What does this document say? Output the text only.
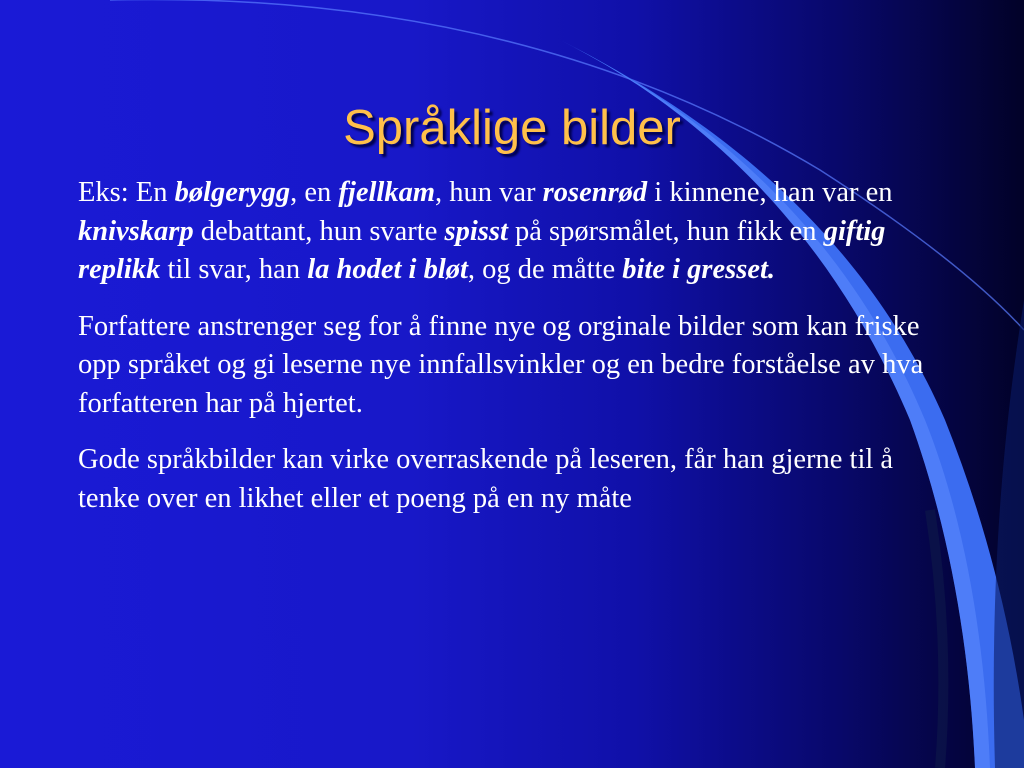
Språklige bilder

Eks: En bølgerygg, en fjellkam, hun var rosenrød i kinnene, han var en knivskarp debattant, hun svarte spisst på spørsmålet, hun fikk en giftig replikk til svar, han la hodet i bløt, og de måtte bite i gresset.

Forfattere anstrenger seg for å finne nye og orginale bilder som kan friske opp språket og gi leserne nye innfallsvinkler og en bedre forståelse av hva forfatteren har på hjertet.

Gode språkbilder kan virke overraskende på leseren, får han gjerne til å tenke over en likhet eller et poeng på en ny måte
